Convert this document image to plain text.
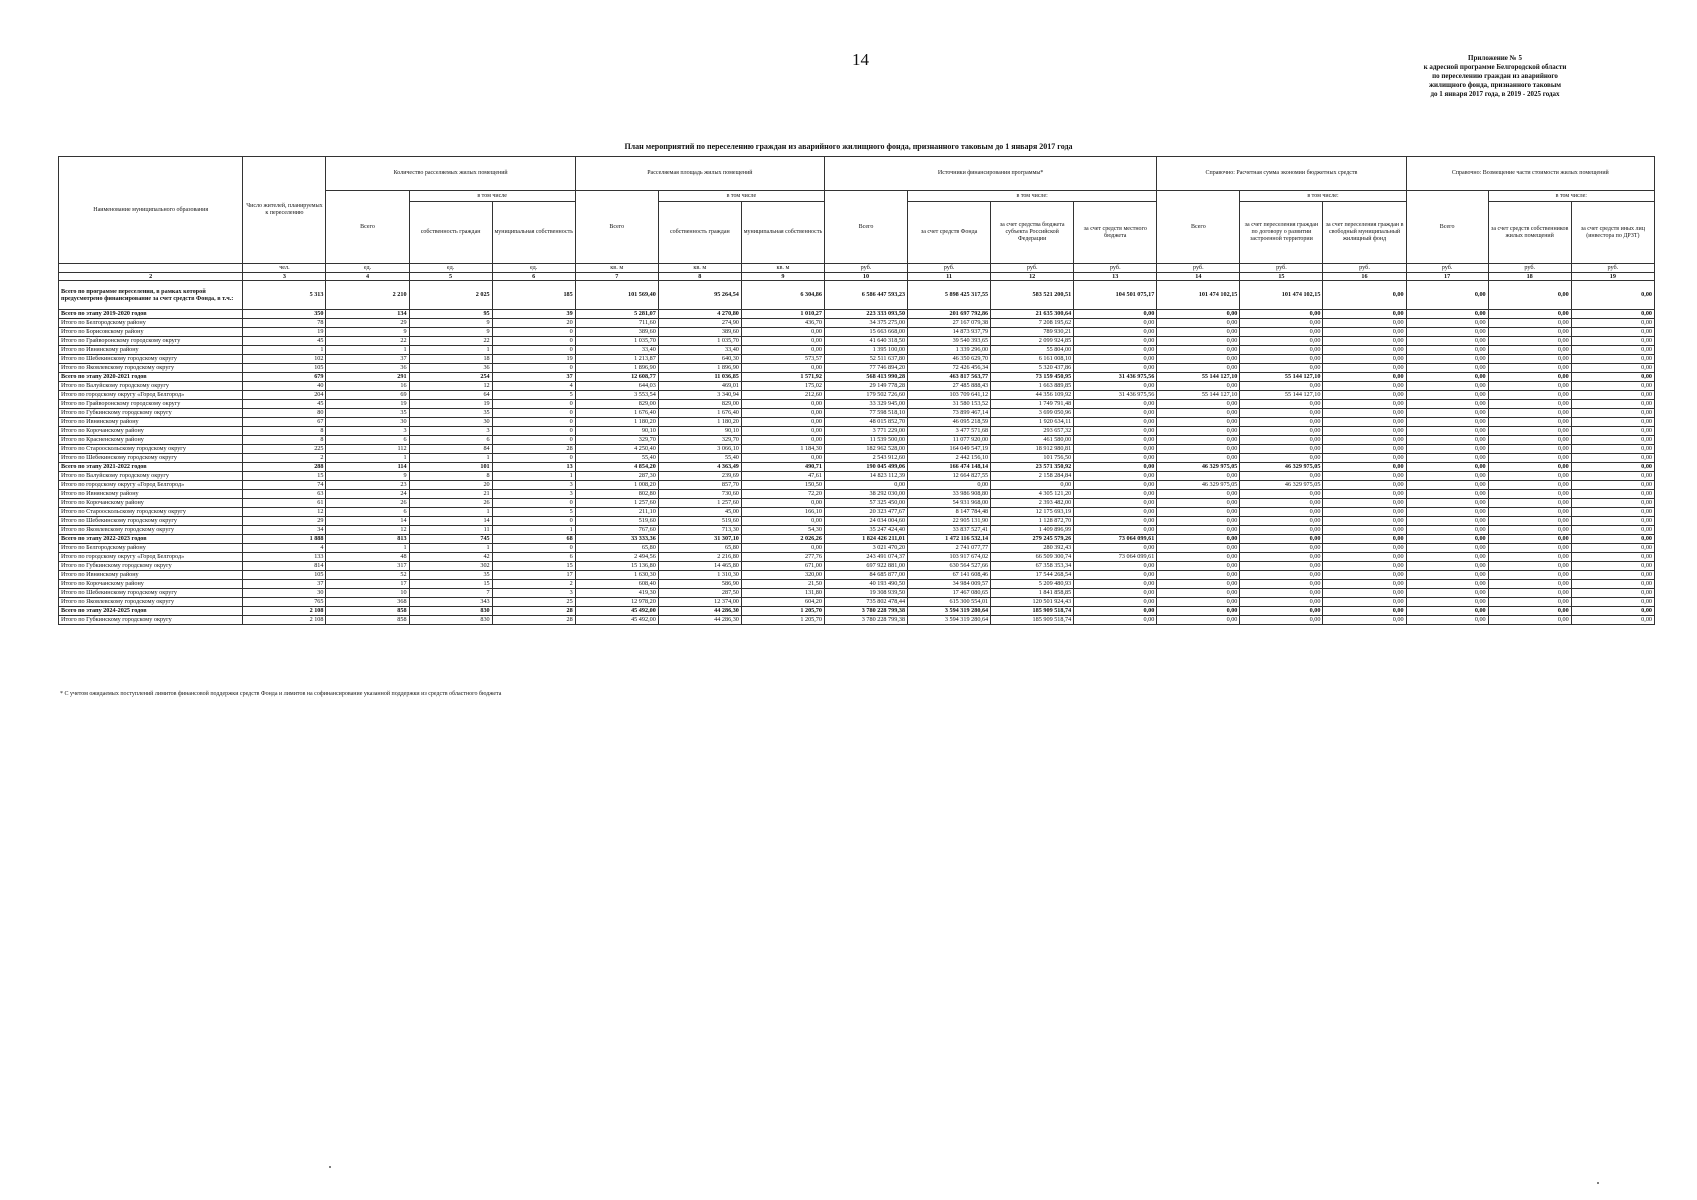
14	Приложение № 5
к адресной программе Белгородской области
по переселению граждан из аварийного
жилищного фонда, признанного таковым
до 1 января 2017 года, в 2019 - 2025 годах
План мероприятий по переселению граждан из аварийного жилищного фонда, признанного таковым до 1 января 2017 года
Наименование муниципального образования	Число жителей, планируемых к переселению	Количество расселяемых жилых помещений			Расселяемая площадь жилых помещений			Источники финансирования программы*				Справочно: Расчетная сумма экономии бюджетных средств			Справочно: Возмещение части стоимости жилых помещений		
		Всего	в том числе		Всего	в том числе		Всего	в том числе:			Всего	в том числе:		Всего	в том числе:	
			собственность граждан	муниципальная собственность		собственность граждан	муниципальная собственность		за счет средств Фонда	за счет средства бюджета субъекта Российской Федерации	за счет средств местного бюджета		за счет переселения граждан по договору о развитии застроенной территории	за счет переселения граждан в свободный муниципальный жилищный фонд		за счет средств собственников жилых помещений	за счет средств иных лиц (инвестора по ДРЗТ)
	чел.	ед.	ед.	ед.	кв. м	кв. м	кв. м	руб.	руб.	руб.	руб.	руб.	руб.	руб.	руб.	руб.	руб.
2	3	4	5	6	7	8	9	10	11	12	13	14	15	16	17	18	19
Всего по программе переселения, в рамках которой предусмотрено финансирование за счет средств Фонда, в т.ч.:	5 313	2 210	2 025	185	101 569,40	95 264,54	6 304,86	6 586 447 593,23	5 898 425 317,55	583 521 200,51	104 501 075,17	101 474 102,15	101 474 102,15	0,00	0,00	0,00	0,00
Всего по этапу 2019-2020 годов	350	134	95	39	5 281,07	4 270,80	1 010,27	223 333 093,50	201 697 792,86	21 635 300,64	0,00	0,00	0,00	0,00	0,00	0,00	0,00
Итого по Белгородскому району	78	29	9	20	711,60	274,90	436,70	34 375 275,00	27 167 079,38	7 208 195,62	0,00	0,00	0,00	0,00	0,00	0,00	0,00
Итого по Борисовскому району	19	9	9	0	389,60	389,60	0,00	15 663 668,00	14 873 937,79	789 930,21	0,00	0,00	0,00	0,00	0,00	0,00	0,00
Итого по Грайворонскому городскому округу	45	22	22	0	1 035,70	1 035,70	0,00	41 640 318,50	39 540 393,65	2 099 924,85	0,00	0,00	0,00	0,00	0,00	0,00	0,00
Итого по Ивнянскому району	1	1	1	0	33,40	33,40	0,00	1 395 100,00	1 339 296,00	55 804,00	0,00	0,00	0,00	0,00	0,00	0,00	0,00
Итого по Шебекинскому городскому округу	102	37	18	19	1 213,87	640,30	573,57	52 511 637,80	46 350 629,70	6 161 008,10	0,00	0,00	0,00	0,00	0,00	0,00	0,00
Итого по Яковлевскому городскому округу	105	36	36	0	1 896,90	1 896,90	0,00	77 746 894,20	72 426 456,34	5 320 437,86	0,00	0,00	0,00	0,00	0,00	0,00	0,00
Всего по этапу 2020-2021 годов	679	291	254	37	12 608,77	11 036,85	1 571,92	568 413 990,28	463 817 563,77	73 159 450,95	31 436 975,56	55 144 127,10	55 144 127,10	0,00	0,00	0,00	0,00
Итого по Валуйскому городскому округу	40	16	12	4	644,03	469,01	175,02	29 149 778,28	27 485 888,43	1 663 889,85	0,00	0,00	0,00	0,00	0,00	0,00	0,00
Итого по городскому округу «Город Белгород»	204	69	64	5	3 553,54	3 340,94	212,60	179 502 726,60	103 709 641,12	44 356 109,92	31 436 975,56	55 144 127,10	55 144 127,10	0,00	0,00	0,00	0,00
Итого по Грайворонскому городскому округу	45	19	19	0	829,00	829,00	0,00	33 329 945,00	31 580 153,52	1 749 791,48	0,00	0,00	0,00	0,00	0,00	0,00	0,00
Итого по Губкинскому городскому округу	80	35	35	0	1 676,40	1 676,40	0,00	77 598 518,10	73 899 467,14	3 699 050,96	0,00	0,00	0,00	0,00	0,00	0,00	0,00
Итого по Ивнянскому району	67	30	30	0	1 180,20	1 180,20	0,00	48 015 852,70	46 095 218,59	1 920 634,11	0,00	0,00	0,00	0,00	0,00	0,00	0,00
Итого по Корочанскому району	8	3	3	0	90,10	90,10	0,00	3 771 229,00	3 477 571,68	293 657,32	0,00	0,00	0,00	0,00	0,00	0,00	0,00
Итого по Красненскому району	8	6	6	0	329,70	329,70	0,00	11 539 500,00	11 077 920,00	461 580,00	0,00	0,00	0,00	0,00	0,00	0,00	0,00
Итого по Старооскольскому городскому округу	225	112	84	28	4 250,40	3 066,10	1 184,30	182 962 528,00	164 049 547,19	18 912 980,81	0,00	0,00	0,00	0,00	0,00	0,00	0,00
Итого по Шебекинскому городскому округу	2	1	1	0	55,40	55,40	0,00	2 543 912,60	2 442 156,10	101 756,50	0,00	0,00	0,00	0,00	0,00	0,00	0,00
Всего по этапу 2021-2022 годов	288	114	101	13	4 854,20	4 363,49	490,71	190 045 499,06	166 474 148,14	23 571 350,92	0,00	46 329 975,05	46 329 975,05	0,00	0,00	0,00	0,00
Итого по Валуйскому городскому округу	15	9	8	1	287,30	239,69	47,61	14 823 112,39	12 664 827,55	2 158 284,84	0,00	0,00	0,00	0,00	0,00	0,00	0,00
Итого по городскому округу «Город Белгород»	74	23	20	3	1 008,20	857,70	150,50	0,00	0,00	0,00	0,00	46 329 975,05	46 329 975,05	0,00	0,00	0,00	0,00
Итого по Ивнянскому району	63	24	21	3	802,80	730,60	72,20	38 292 030,00	33 986 908,80	4 305 121,20	0,00	0,00	0,00	0,00	0,00	0,00	0,00
Итого по Корочанскому району	61	26	26	0	1 257,60	1 257,60	0,00	57 325 450,00	54 931 968,00	2 393 482,00	0,00	0,00	0,00	0,00	0,00	0,00	0,00
Итого по Старооскольскому городскому округу	12	6	1	5	211,10	45,00	166,10	20 323 477,67	8 147 784,48	12 175 693,19	0,00	0,00	0,00	0,00	0,00	0,00	0,00
Итого по Шебекинскому городскому округу	29	14	14	0	519,60	519,60	0,00	24 034 004,60	22 905 131,90	1 128 872,70	0,00	0,00	0,00	0,00	0,00	0,00	0,00
Итого по Яковлевскому городскому округу	34	12	11	1	767,60	713,30	54,30	35 247 424,40	33 837 527,41	1 409 896,99	0,00	0,00	0,00	0,00	0,00	0,00	0,00
Всего по этапу 2022-2023 годов	1 888	813	745	68	33 333,36	31 307,10	2 026,26	1 824 426 211,01	1 472 116 532,14	279 245 579,26	73 064 099,61	0,00	0,00	0,00	0,00	0,00	0,00
Итого по Белгородскому району	4	1	1	0	65,80	65,80	0,00	3 021 470,20	2 741 077,77	280 392,43	0,00	0,00	0,00	0,00	0,00	0,00	0,00
Итого по городскому округу «Город Белгород»	133	48	42	6	2 494,56	2 216,80	277,76	243 491 074,37	103 917 674,02	66 509 300,74	73 064 099,61	0,00	0,00	0,00	0,00	0,00	0,00
Итого по Губкинскому городскому округу	814	317	302	15	15 136,80	14 465,80	671,00	697 922 881,00	630 564 527,66	67 358 353,34	0,00	0,00	0,00	0,00	0,00	0,00	0,00
Итого по Ивнянскому району	105	52	35	17	1 630,30	1 310,30	320,00	84 685 877,00	67 141 608,46	17 544 268,54	0,00	0,00	0,00	0,00	0,00	0,00	0,00
Итого по Корочанскому району	37	17	15	2	608,40	586,90	21,50	40 193 490,50	34 984 009,57	5 209 480,93	0,00	0,00	0,00	0,00	0,00	0,00	0,00
Итого по Шебекинскому городскому округу	30	10	7	3	419,30	287,50	131,80	19 308 939,50	17 467 080,65	1 841 858,85	0,00	0,00	0,00	0,00	0,00	0,00	0,00
Итого по Яковлевскому городскому округу	765	368	343	25	12 978,20	12 374,00	604,20	735 802 478,44	615 300 554,01	120 501 924,43	0,00	0,00	0,00	0,00	0,00	0,00	0,00
Всего по этапу 2024-2025 годов	2 108	858	830	28	45 492,00	44 286,30	1 205,70	3 780 228 799,38	3 594 319 280,64	185 909 518,74	0,00	0,00	0,00	0,00	0,00	0,00	0,00
Итого по Губкинскому городскому округу	2 108	858	830	28	45 492,00	44 286,30	1 205,70	3 780 228 799,38	3 594 319 280,64	185 909 518,74	0,00	0,00	0,00	0,00	0,00	0,00	0,00
* С учетом ожидаемых поступлений лимитов финансовой поддержки средств Фонда и лимитов на софинансирование указанной поддержки из средств областного бюджета
